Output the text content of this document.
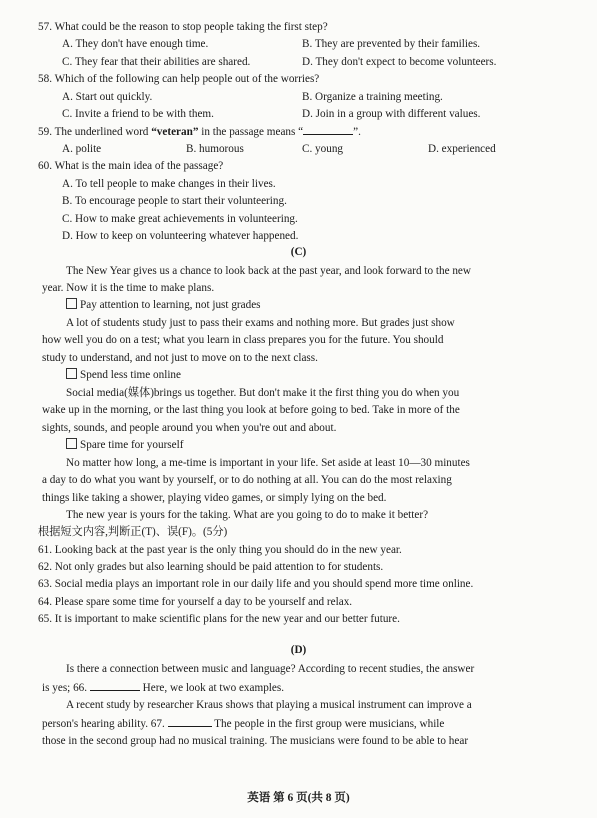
57. What could be the reason to stop people taking the first step?
A. They don't have enough time.	B. They are prevented by their families.
C. They fear that their abilities are shared.	D. They don't expect to become volunteers.
58. Which of the following can help people out of the worries?
A. Start out quickly.	B. Organize a training meeting.
C. Invite a friend to be with them.	D. Join in a group with different values.
59. The underlined word “veteran” in the passage means “	”.
A. polite	B. humorous	C. young	D. experienced
60. What is the main idea of the passage?
A. To tell people to make changes in their lives.
B. To encourage people to start their volunteering.
C. How to make great achievements in volunteering.
D. How to keep on volunteering whatever happened.
(C)
The New Year gives us a chance to look back at the past year, and look forward to the new
year. Now it is the time to make plans.
Pay attention to learning, not just grades
A lot of students study just to pass their exams and nothing more. But grades just show
how well you do on a test; what you learn in class prepares you for the future. You should
study to understand, and not just to move on to the next class.
Spend less time online
Social media(媒体)brings us together. But don't make it the first thing you do when you
wake up in the morning, or the last thing you look at before going to bed. Take in more of the
sights, sounds, and people around you when you're out and about.
Spare time for yourself
No matter how long, a me-time is important in your life. Set aside at least 10—30 minutes
a day to do what you want by yourself, or to do nothing at all. You can do the most relaxing
things like taking a shower, playing video games, or simply lying on the bed.
The new year is yours for the taking. What are you going to do to make it better?
根据短文内容,判断正(T)、误(F)。(5分)
61. Looking back at the past year is the only thing you should do in the new year.
62. Not only grades but also learning should be paid attention to for students.
63. Social media plays an important role in our daily life and you should spend more time online.
64. Please spare some time for yourself a day to be yourself and relax.
65. It is important to make scientific plans for the new year and our better future.
(D)
Is there a connection between music and language? According to recent studies, the answer
is yes; 66.	Here, we look at two examples.
A recent study by researcher Kraus shows that playing a musical instrument can improve a
person's hearing ability. 67.	The people in the first group were musicians, while
those in the second group had no musical training. The musicians were found to be able to hear
英语 第 6 页(共 8 页)
